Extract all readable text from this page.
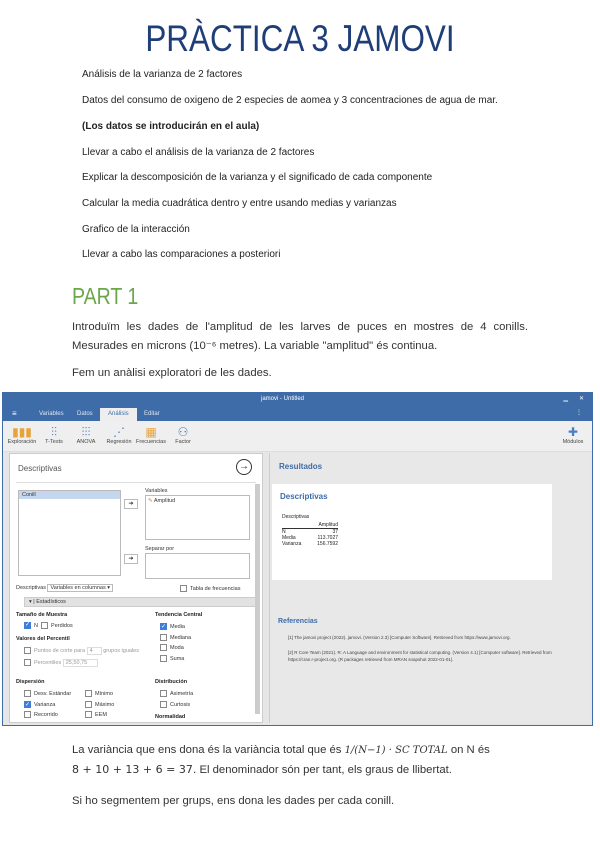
PRÀCTICA 3 JAMOVI
Análisis de la varianza de 2 factores
Datos del consumo de oxigeno de 2 especies de aomea y 3 concentraciones de agua de mar.
(Los datos se introducirán en el aula)
Llevar a cabo el análisis de la varianza de 2 factores
Explicar la descomposición de la varianza y el significado de cada componente
Calcular la media cuadrática dentro y entre usando medias y varianzas
Grafico de la interacción
Llevar a cabo las comparaciones a posteriori
PART 1
Introduïm les dades de l'amplitud de les larves de puces en mostres de 4 conills. Mesurades en microns (10⁻⁶ metres). La variable "amplitud" és continua.
Fem un anàlisi exploratori de les dades.
jamovi - Untitled	▁ ✕
≡	Variables	Datos	Análisis	Editar	⋮
▮▮▮
Exploración
⫶⫶
T-Tests
⫶⫶⫶
ANOVA
⋰
Regresión
▦
Frecuencias
⚇
Factor
✚
Módulos
Descriptivas	→
Conill
➔
Variables
✎ Amplitud
➔
Separar por
Descriptivas Variables en columnas ▾	Tabla de frecuencias
▾ | Estadísticos
Tamaño de Muestra
✓N Perdidos
Valores del Percentil
Puntos de corte para 4 grupos iguales
Percentiles 25,50,75
Dispersión
Desv. Estándar
✓Varianza
Recorrido
Mínimo
Máximo
EEM
Tendencia Central
✓Media
Mediana
Moda
Suma
Distribución
Asimetría
Curtosis
Normalidad
Resultados
Descriptivas
Descriptivas
	Amplitud
N	37
Media	113.7027
Varianza	156.7592
Referencias
[1] The jamovi project (2022). jamovi. (Version 2.3) [Computer Software]. Retrieved from https://www.jamovi.org.
[2] R Core Team (2021). R: A Language and environment for statistical computing. (Version 4.1) [Computer software]. Retrieved from https://cran.r-project.org. (R packages retrieved from MRAN snapshot 2022-01-01).
La variància que ens dona és la variància total que és 1/(N−1) · SC TOTAL on N és
8 + 10 + 13 + 6 = 37. El denominador són per tant, els graus de llibertat.
Si ho segmentem per grups, ens dona les dades per cada conill.
